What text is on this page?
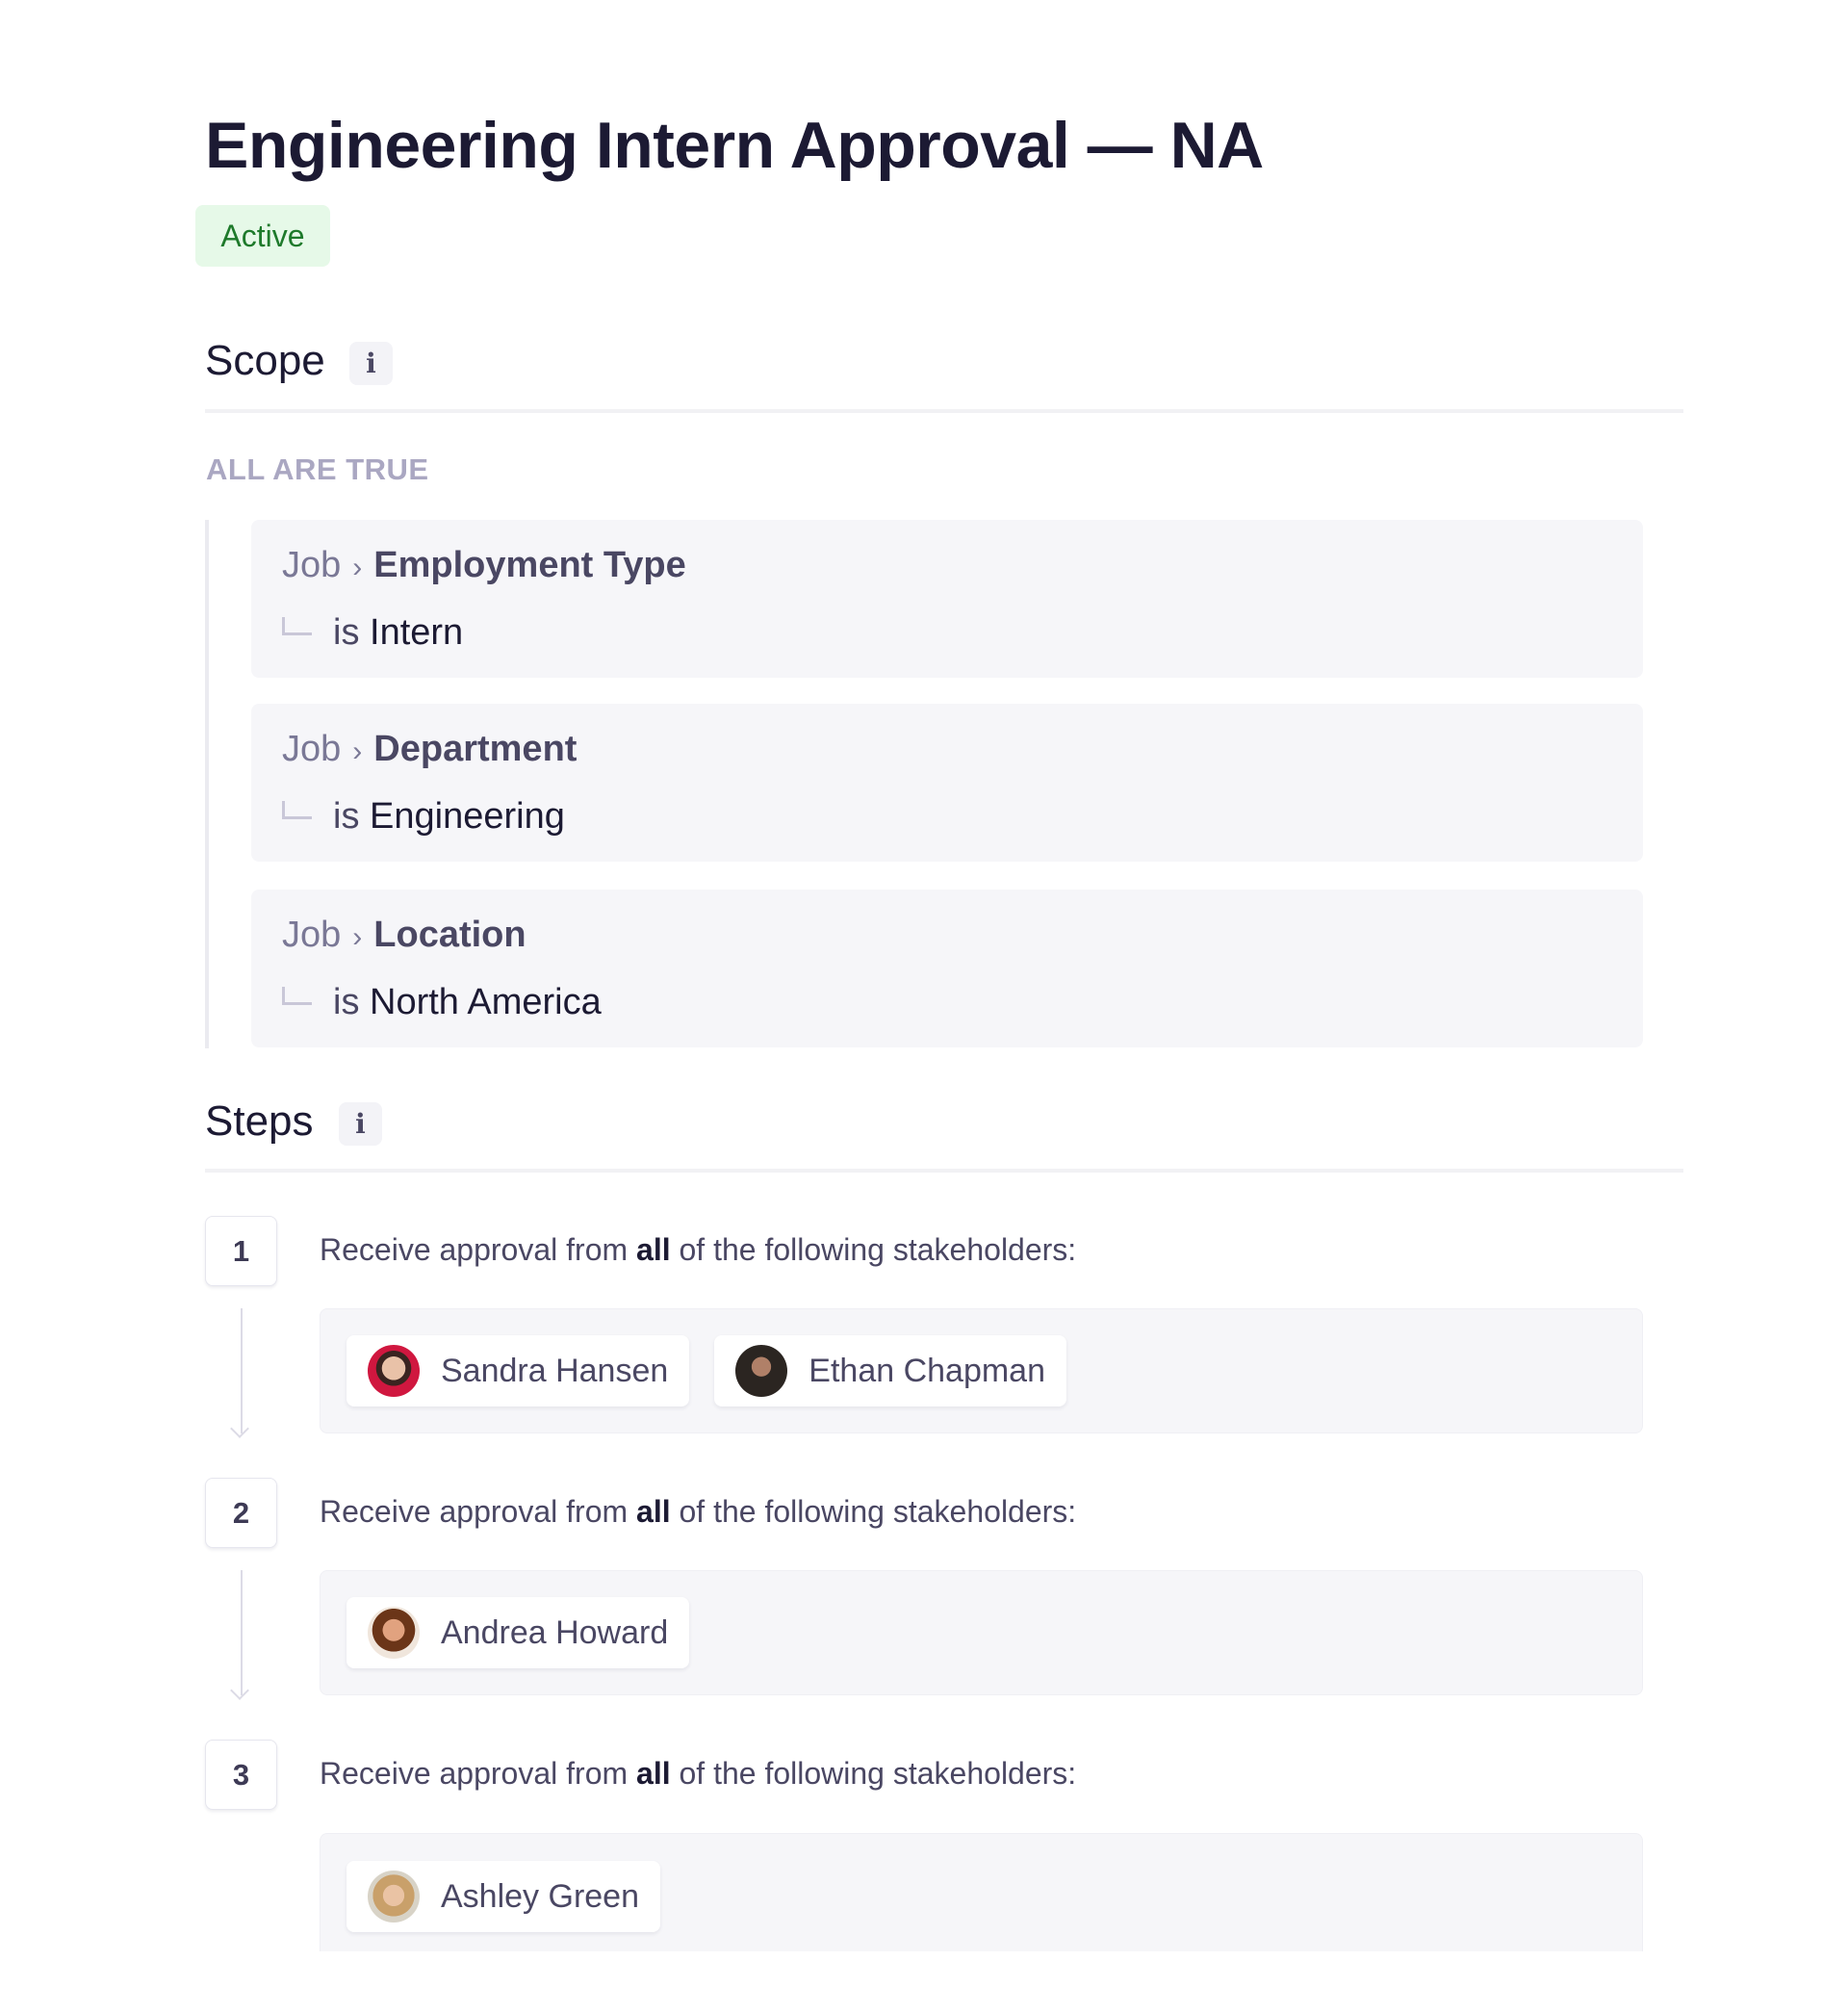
Engineering Intern Approval — NA
Active
Scope	i
ALL ARE TRUE
Job › Employment Type
is Intern
Job › Department
is Engineering
Job › Location
is North America
Steps	i
1	Receive approval from all of the following stakeholders:
Sandra Hansen	Ethan Chapman
2	Receive approval from all of the following stakeholders:
Andrea Howard
3	Receive approval from all of the following stakeholders:
Ashley Green
